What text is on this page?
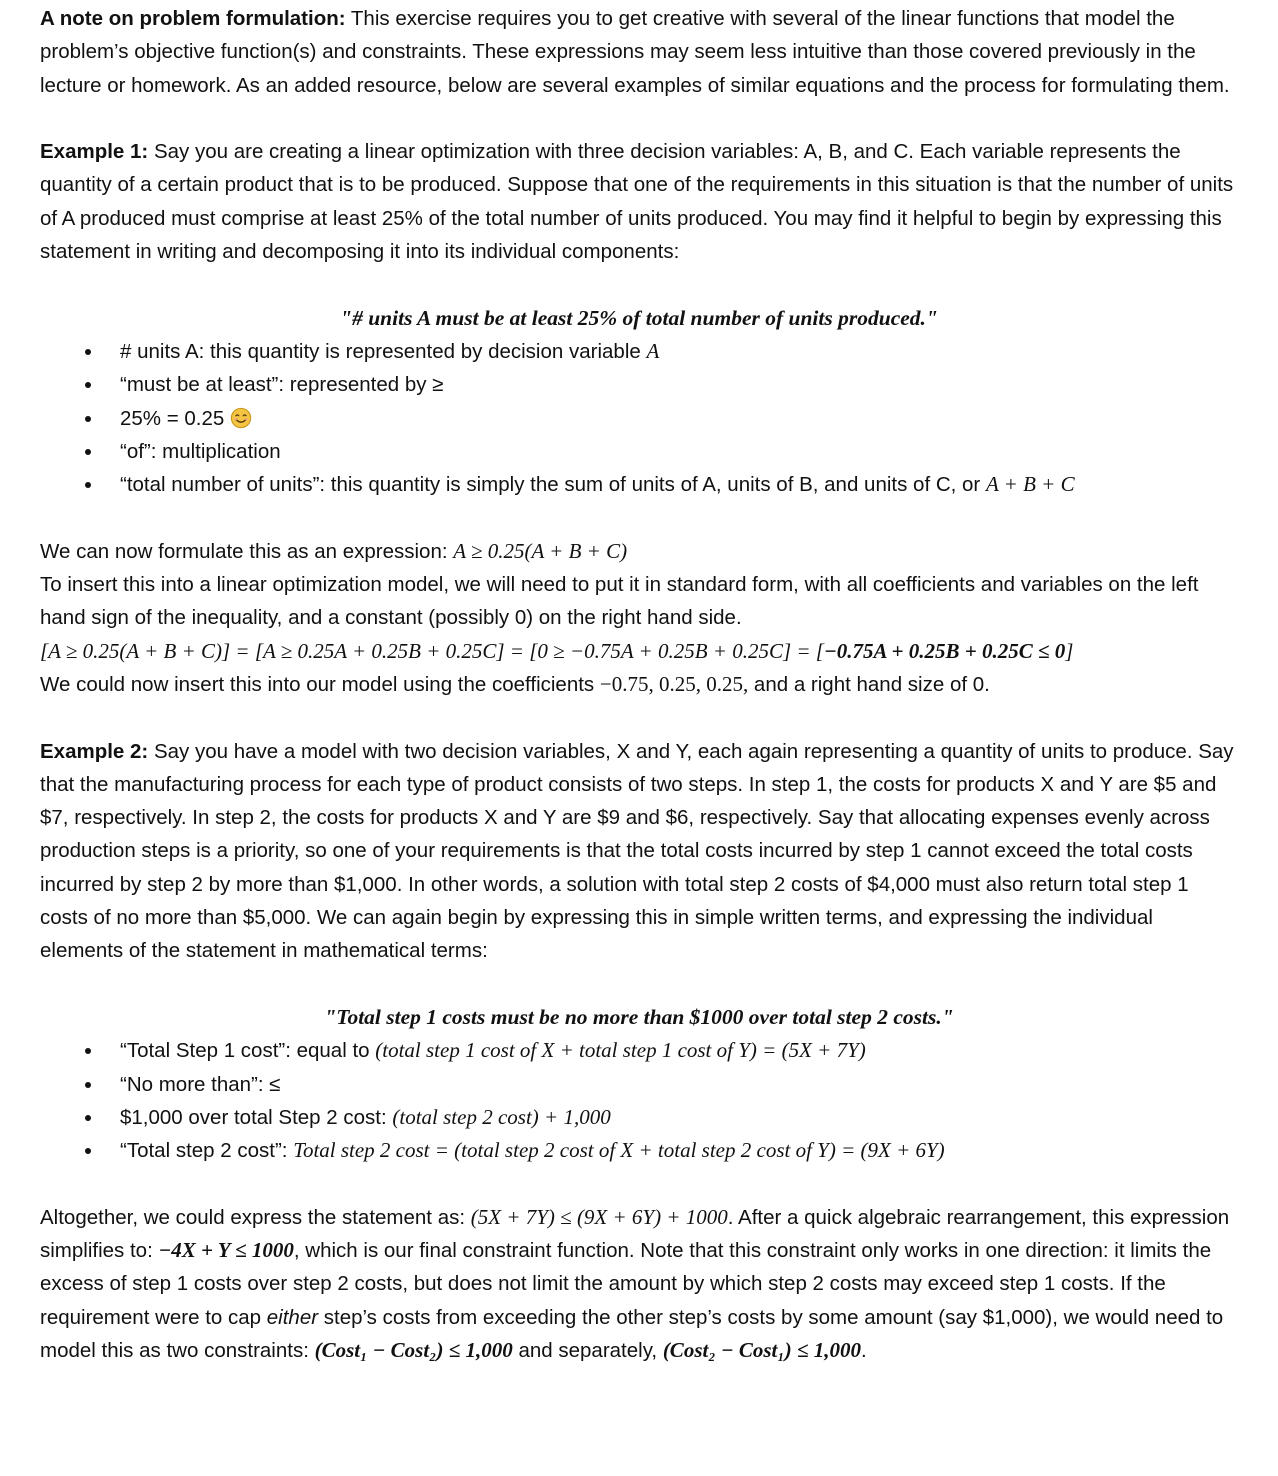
A note on problem formulation: This exercise requires you to get creative with several of the linear functions that model the problem’s objective function(s) and constraints. These expressions may seem less intuitive than those covered previously in the lecture or homework. As an added resource, below are several examples of similar equations and the process for formulating them.

Example 1: Say you are creating a linear optimization with three decision variables: A, B, and C. Each variable represents the quantity of a certain product that is to be produced. Suppose that one of the requirements in this situation is that the number of units of A produced must comprise at least 25% of the total number of units produced. You may find it helpful to begin by expressing this statement in writing and decomposing it into its individual components:

"# units A must be at least 25% of total number of units produced."
# units A: this quantity is represented by decision variable A
“must be at least”: represented by ≥
25% = 0.25
“of”: multiplication
“total number of units”: this quantity is simply the sum of units of A, units of B, and units of C, or A + B + C

We can now formulate this as an expression: A ≥ 0.25(A + B + C)

To insert this into a linear optimization model, we will need to put it in standard form, with all coefficients and variables on the left hand sign of the inequality, and a constant (possibly 0) on the right hand side.

[A ≥ 0.25(A + B + C)] = [A ≥ 0.25A + 0.25B + 0.25C] = [0 ≥ −0.75A + 0.25B + 0.25C] = [−0.75A + 0.25B + 0.25C ≤ 0]

We could now insert this into our model using the coefficients −0.75, 0.25, 0.25, and a right hand size of 0.

Example 2: Say you have a model with two decision variables, X and Y, each again representing a quantity of units to produce. Say that the manufacturing process for each type of product consists of two steps. In step 1, the costs for products X and Y are $5 and $7, respectively. In step 2, the costs for products X and Y are $9 and $6, respectively. Say that allocating expenses evenly across production steps is a priority, so one of your requirements is that the total costs incurred by step 1 cannot exceed the total costs incurred by step 2 by more than $1,000. In other words, a solution with total step 2 costs of $4,000 must also return total step 1 costs of no more than $5,000. We can again begin by expressing this in simple written terms, and expressing the individual elements of the statement in mathematical terms:

"Total step 1 costs must be no more than $1000 over total step 2 costs."
“Total Step 1 cost”: equal to (total step 1 cost of X + total step 1 cost of Y) = (5X + 7Y)
“No more than”: ≤
$1,000 over total Step 2 cost: (total step 2 cost) + 1,000
“Total step 2 cost”: Total step 2 cost = (total step 2 cost of X + total step 2 cost of Y) = (9X + 6Y)

Altogether, we could express the statement as: (5X + 7Y) ≤ (9X + 6Y) + 1000. After a quick algebraic rearrangement, this expression simplifies to: −4X + Y ≤ 1000, which is our final constraint function. Note that this constraint only works in one direction: it limits the excess of step 1 costs over step 2 costs, but does not limit the amount by which step 2 costs may exceed step 1 costs. If the requirement were to cap either step’s costs from exceeding the other step’s costs by some amount (say $1,000), we would need to model this as two constraints: (Cost₁ − Cost₂) ≤ 1,000 and separately, (Cost₂ − Cost₁) ≤ 1,000.
